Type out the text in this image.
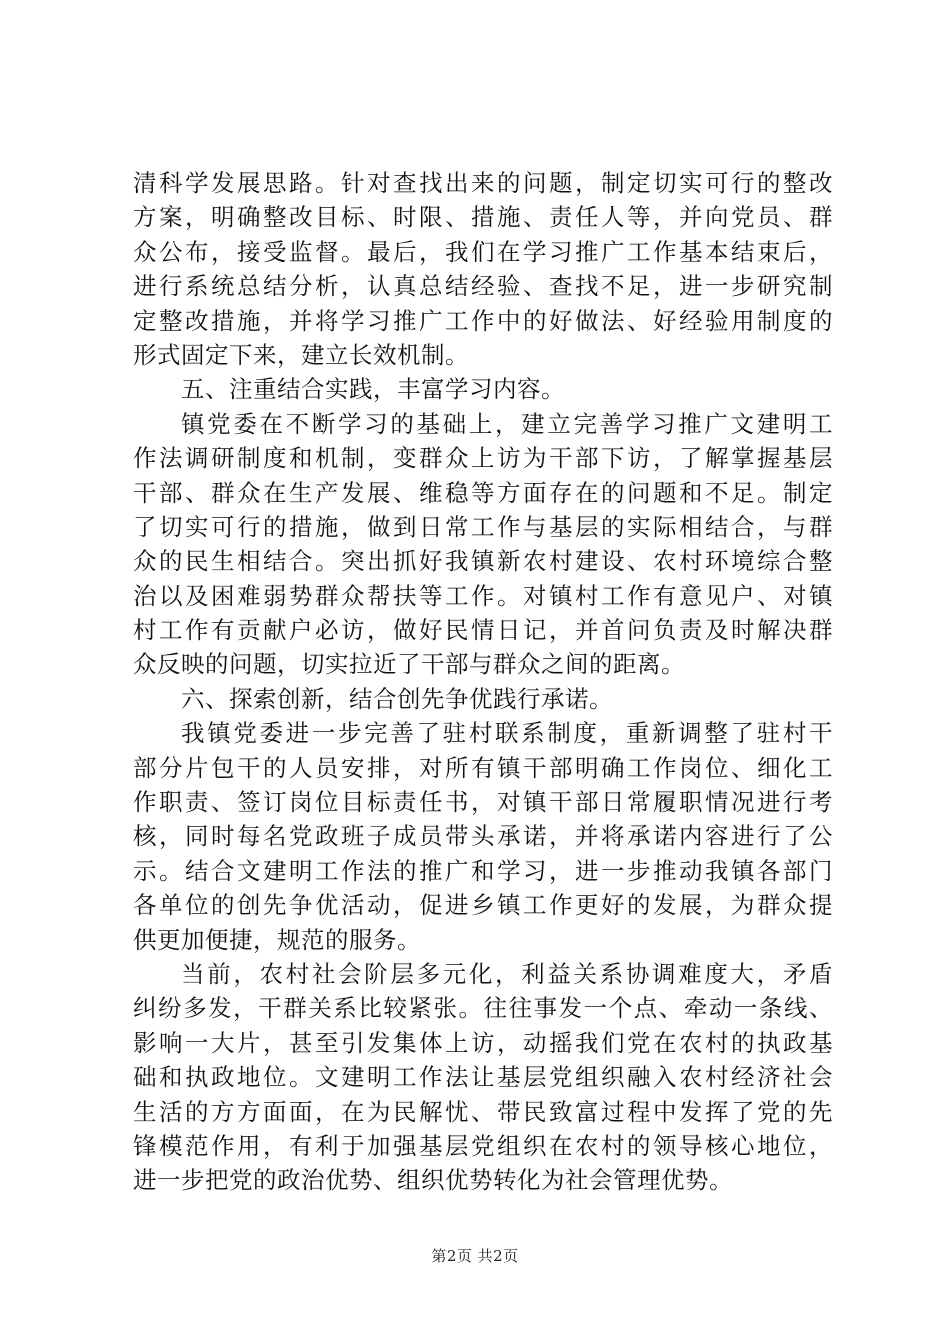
清科学发展思路。针对查找出来的问题，制定切实可行的整改
方案，明确整改目标、时限、措施、责任人等，并向党员、群
众公布，接受监督。最后，我们在学习推广工作基本结束后，
进行系统总结分析，认真总结经验、查找不足，进一步研究制
定整改措施，并将学习推广工作中的好做法、好经验用制度的
形式固定下来，建立长效机制。
五、注重结合实践，丰富学习内容。
镇党委在不断学习的基础上，建立完善学习推广文建明工
作法调研制度和机制，变群众上访为干部下访，了解掌握基层
干部、群众在生产发展、维稳等方面存在的问题和不足。制定
了切实可行的措施，做到日常工作与基层的实际相结合，与群
众的民生相结合。突出抓好我镇新农村建设、农村环境综合整
治以及困难弱势群众帮扶等工作。对镇村工作有意见户、对镇
村工作有贡献户必访，做好民情日记，并首问负责及时解决群
众反映的问题，切实拉近了干部与群众之间的距离。
六、探索创新，结合创先争优践行承诺。
我镇党委进一步完善了驻村联系制度，重新调整了驻村干
部分片包干的人员安排，对所有镇干部明确工作岗位、细化工
作职责、签订岗位目标责任书，对镇干部日常履职情况进行考
核，同时每名党政班子成员带头承诺，并将承诺内容进行了公
示。结合文建明工作法的推广和学习，进一步推动我镇各部门
各单位的创先争优活动，促进乡镇工作更好的发展，为群众提
供更加便捷，规范的服务。
当前，农村社会阶层多元化，利益关系协调难度大，矛盾
纠纷多发，干群关系比较紧张。往往事发一个点、牵动一条线、
影响一大片，甚至引发集体上访，动摇我们党在农村的执政基
础和执政地位。文建明工作法让基层党组织融入农村经济社会
生活的方方面面，在为民解忧、带民致富过程中发挥了党的先
锋模范作用，有利于加强基层党组织在农村的领导核心地位，
进一步把党的政治优势、组织优势转化为社会管理优势。
第2页 共2页
